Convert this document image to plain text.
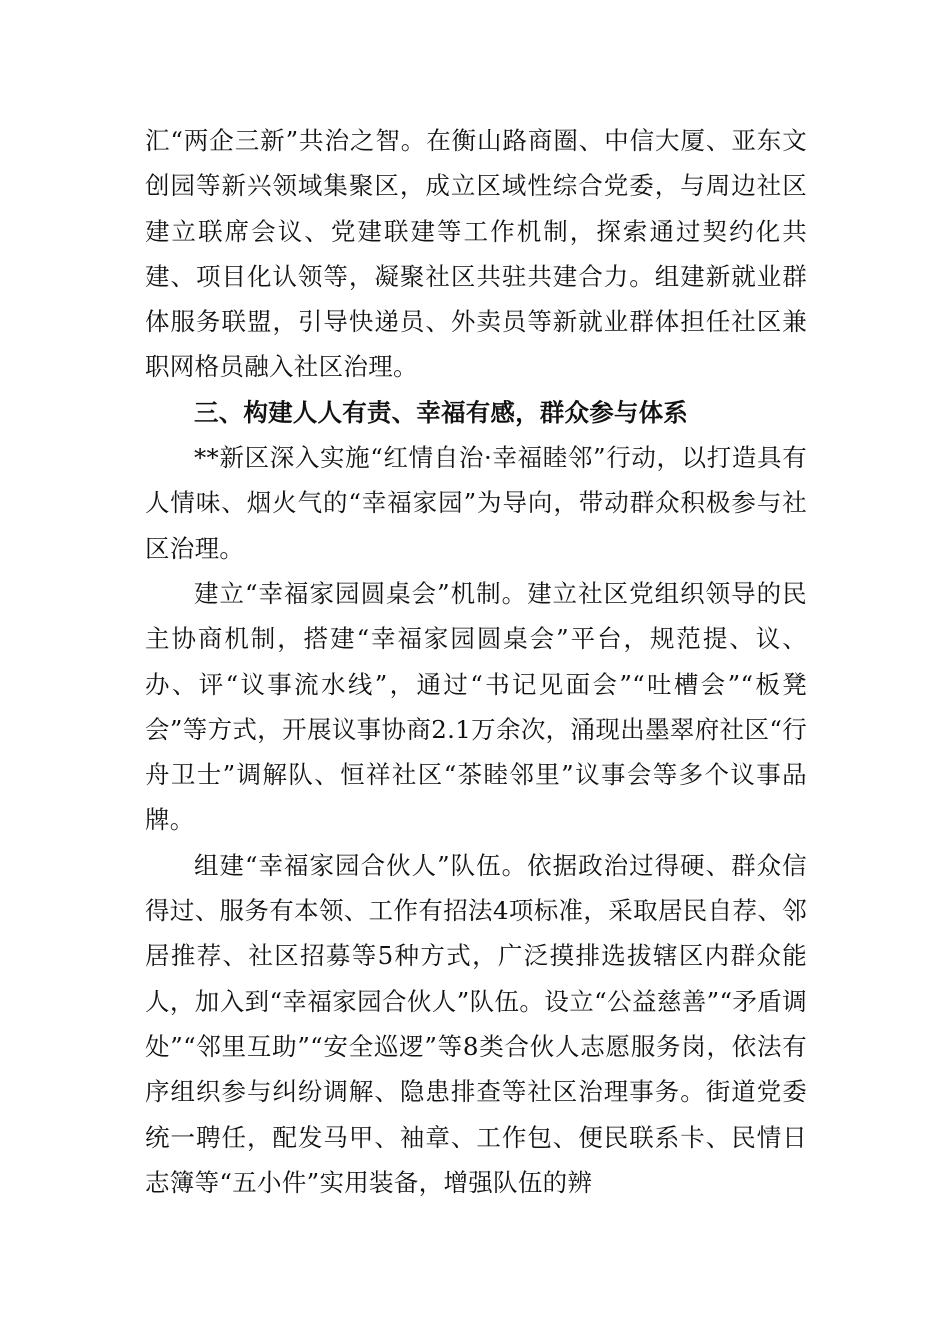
汇“两企三新”共治之智。在衡山路商圈、中信大厦、亚东文创园等新兴领域集聚区，成立区域性综合党委，与周边社区建立联席会议、党建联建等工作机制，探索通过契约化共建、项目化认领等，凝聚社区共驻共建合力。组建新就业群体服务联盟，引导快递员、外卖员等新就业群体担任社区兼职网格员融入社区治理。

三、构建人人有责、幸福有感，群众参与体系

**新区深入实施“红情自治·幸福睦邻”行动，以打造具有人情味、烟火气的“幸福家园”为导向，带动群众积极参与社区治理。

建立“幸福家园圆桌会”机制。建立社区党组织领导的民主协商机制，搭建“幸福家园圆桌会”平台，规范提、议、办、评“议事流水线”，通过“书记见面会”“吐槽会”“板凳会”等方式，开展议事协商2.1万余次，涌现出墨翠府社区“行舟卫士”调解队、恒祥社区“茶睦邻里”议事会等多个议事品牌。

组建“幸福家园合伙人”队伍。依据政治过得硬、群众信得过、服务有本领、工作有招法4项标准，采取居民自荐、邻居推荐、社区招募等5种方式，广泛摸排选拔辖区内群众能人，加入到“幸福家园合伙人”队伍。设立“公益慈善”“矛盾调处”“邻里互助”“安全巡逻”等8类合伙人志愿服务岗，依法有序组织参与纠纷调解、隐患排查等社区治理事务。街道党委统一聘任，配发马甲、袖章、工作包、便民联系卡、民情日志簿等“五小件”实用装备，增强队伍的辨
